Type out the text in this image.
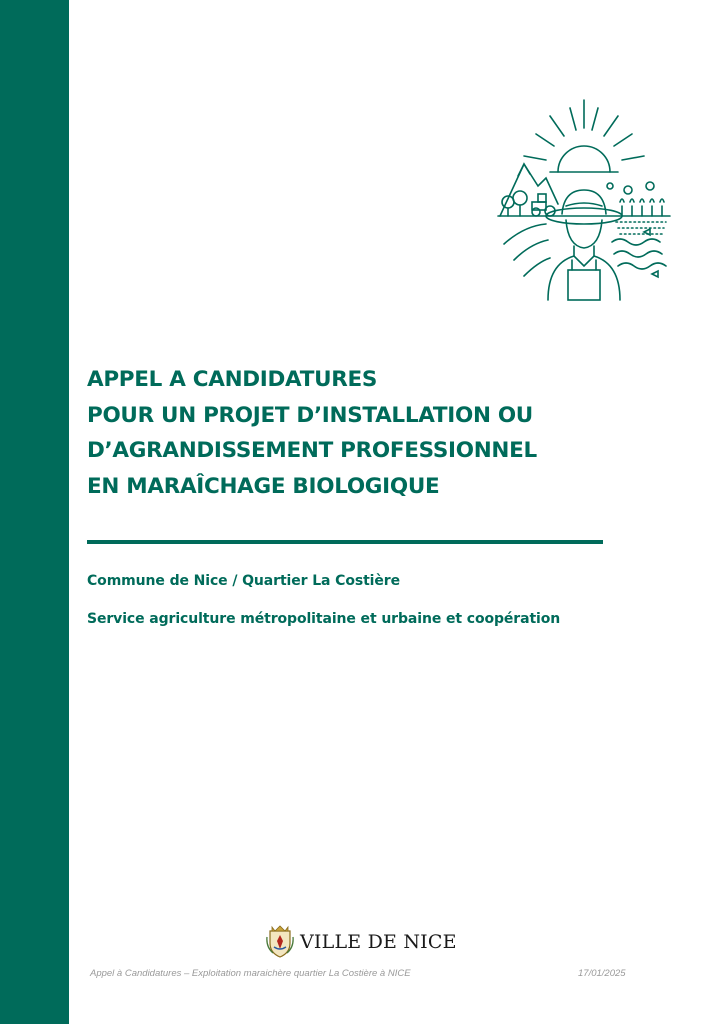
APPEL A CANDIDATURES
POUR UN PROJET D’INSTALLATION OU
D’AGRANDISSEMENT PROFESSIONNEL
EN MARAÎCHAGE BIOLOGIQUE
Commune de Nice / Quartier La Costière
Service agriculture métropolitaine et urbaine et coopération
VILLE DE NICE
Appel à Candidatures – Exploitation maraichère quartier La Costière à NICE	17/01/2025
